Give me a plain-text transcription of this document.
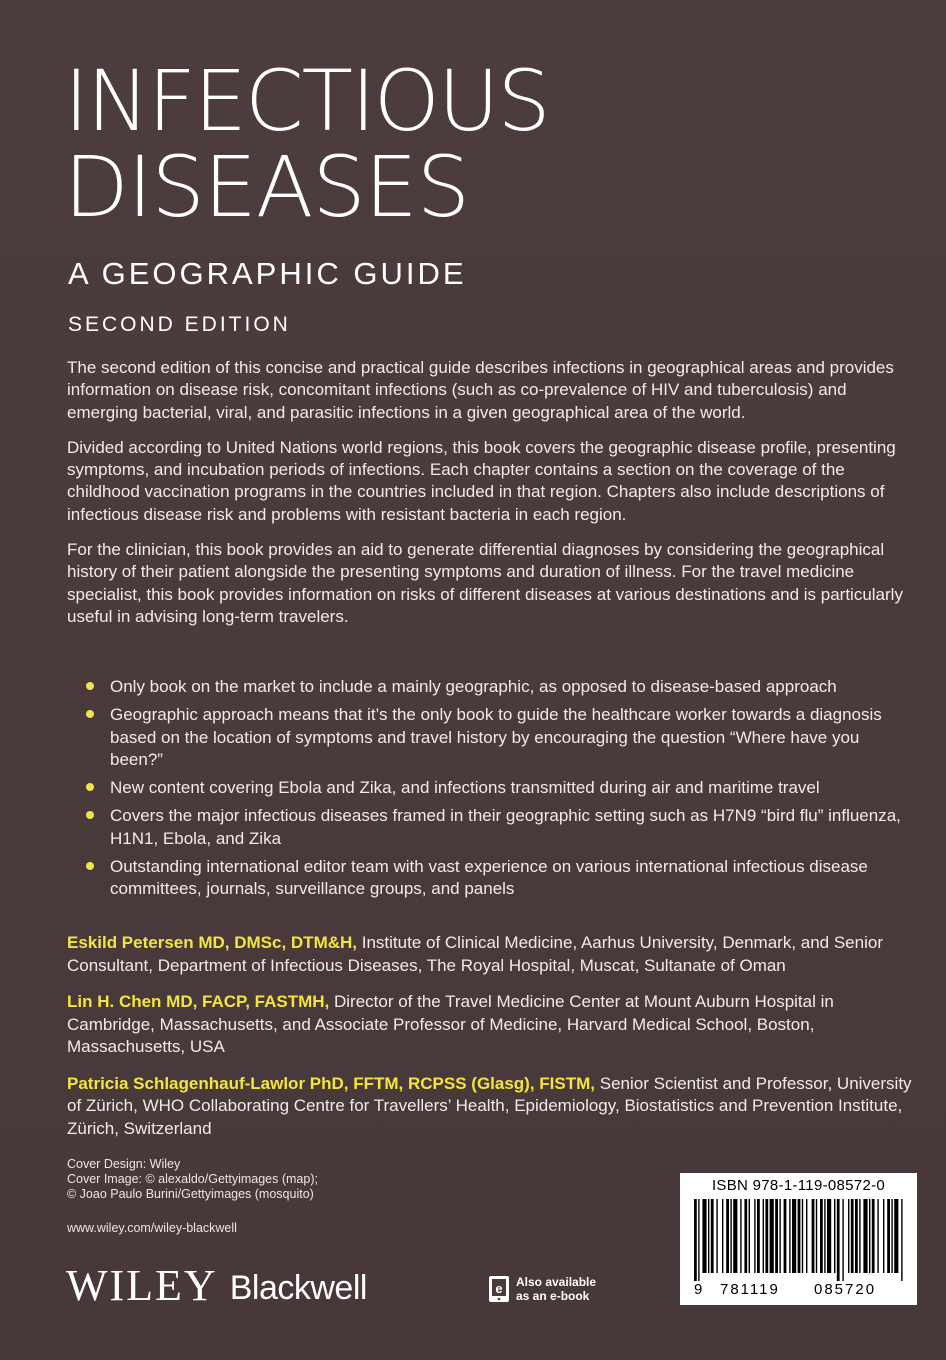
INFECTIOUS
DISEASES
A GEOGRAPHIC GUIDE
SECOND EDITION

The second edition of this concise and practical guide describes infections in geographical areas and provides information on disease risk, concomitant infections (such as co-prevalence of HIV and tuberculosis) and emerging bacterial, viral, and parasitic infections in a given geographical area of the world.

Divided according to United Nations world regions, this book covers the geographic disease profile, presenting symptoms, and incubation periods of infections. Each chapter contains a section on the coverage of the childhood vaccination programs in the countries included in that region. Chapters also include descriptions of infectious disease risk and problems with resistant bacteria in each region.

For the clinician, this book provides an aid to generate differential diagnoses by considering the geographical history of their patient alongside the presenting symptoms and duration of illness. For the travel medicine specialist, this book provides information on risks of different diseases at various destinations and is particularly useful in advising long-term travelers.

Only book on the market to include a mainly geographic, as opposed to disease-based approach
Geographic approach means that it’s the only book to guide the healthcare worker towards a diagnosis based on the location of symptoms and travel history by encouraging the question “Where have you been?”
New content covering Ebola and Zika, and infections transmitted during air and maritime travel
Covers the major infectious diseases framed in their geographic setting such as H7N9 “bird flu” influenza, H1N1, Ebola, and Zika
Outstanding international editor team with vast experience on various international infectious disease committees, journals, surveillance groups, and panels

Eskild Petersen MD, DMSc, DTM&H, Institute of Clinical Medicine, Aarhus University, Denmark, and Senior Consultant, Department of Infectious Diseases, The Royal Hospital, Muscat, Sultanate of Oman

Lin H. Chen MD, FACP, FASTMH, Director of the Travel Medicine Center at Mount Auburn Hospital in Cambridge, Massachusetts, and Associate Professor of Medicine, Harvard Medical School, Boston, Massachusetts, USA

Patricia Schlagenhauf-Lawlor PhD, FFTM, RCPSS (Glasg), FISTM, Senior Scientist and Professor, University of Zürich, WHO Collaborating Centre for Travellers’ Health, Epidemiology, Biostatistics and Prevention Institute, Zürich, Switzerland

Cover Design: Wiley
Cover Image: © alexaldo/Gettyimages (map);
© Joao Paulo Burini/Gettyimages (mosquito)
www.wiley.com/wiley-blackwell
WILEY Blackwell	e Also available
as an e-book
ISBN 978-1-119-08572-0
9 781119 085720
